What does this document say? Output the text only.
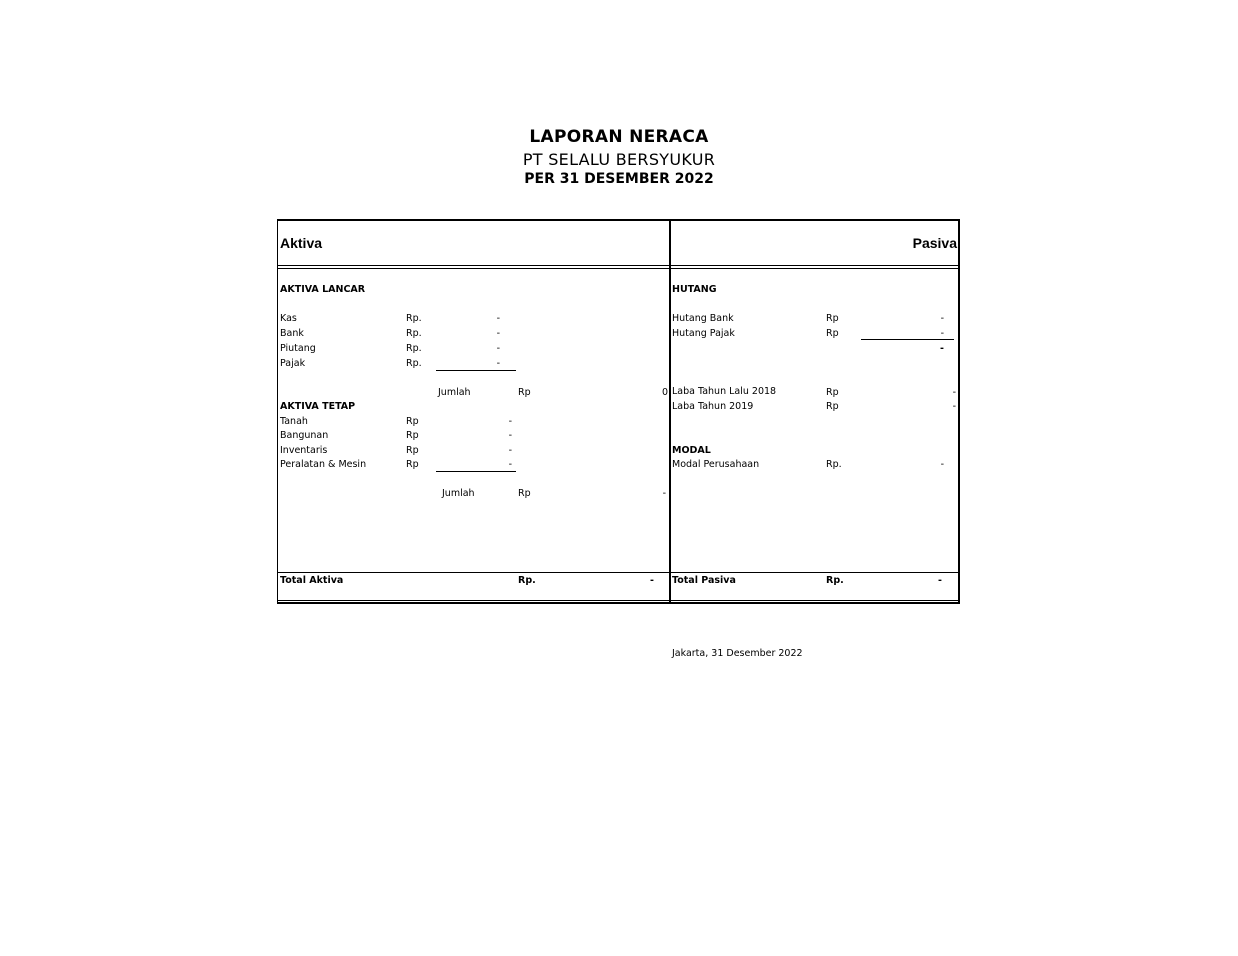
LAPORAN NERACA
PT SELALU BERSYUKUR
PER 31 DESEMBER 2022
Aktiva	Pasiva
AKTIVA LANCAR
Kas	Rp.	-
Bank	Rp.	-
Piutang	Rp.	-
Pajak	Rp.	-
Jumlah	Rp	0
AKTIVA TETAP
Tanah	Rp	-
Bangunan	Rp	-
Inventaris	Rp	-
Peralatan & Mesin	Rp	-
Jumlah	Rp	-
Total Aktiva	Rp.	-
HUTANG
Hutang Bank	Rp	-
Hutang Pajak	Rp	-
-
Laba Tahun Lalu 2018	Rp	-
Laba Tahun 2019	Rp	-
MODAL
Modal Perusahaan	Rp.	-
Total Pasiva	Rp.	-
Jakarta, 31 Desember 2022
